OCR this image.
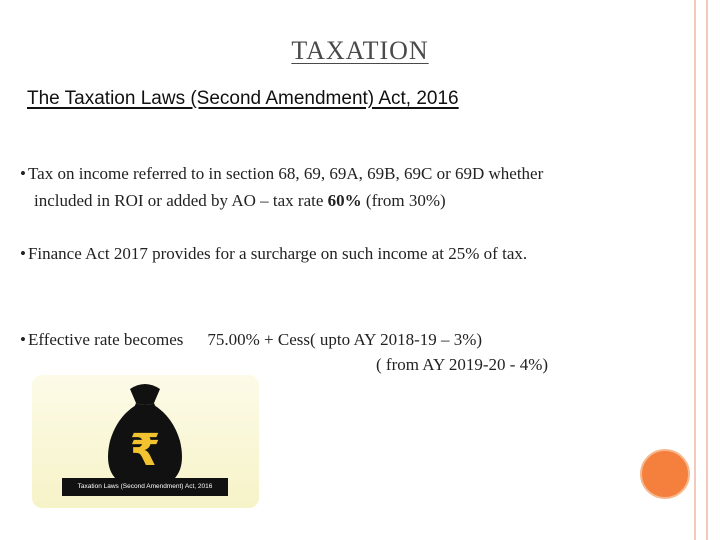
TAXATION
The Taxation Laws (Second Amendment) Act, 2016
• Tax on income referred to in section 68, 69, 69A, 69B, 69C or 69D whether
included in ROI or added by AO – tax rate 60% (from 30%)
• Finance Act 2017 provides for a surcharge on such income at 25% of tax.
• Effective rate becomes 75.00% + Cess( upto AY 2018-19 – 3%)
( from AY 2019-20 - 4%)
₹
Taxation Laws (Second Amendment) Act, 2016
